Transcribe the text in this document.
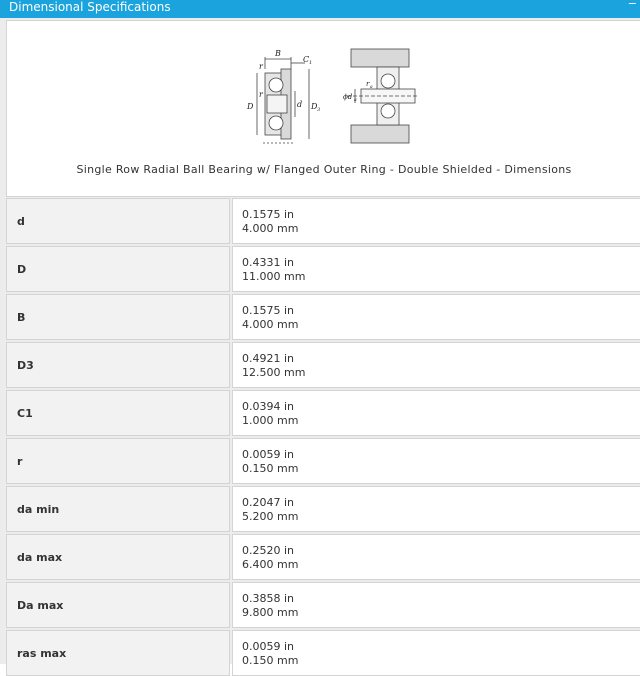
Dimensional Specifications	−
B
C 1
r
r
D	d D 3
r a
ϕd a
Single Row Radial Ball Bearing w/ Flanged Outer Ring - Double Shielded - Dimensions
d
0.1575 in
4.000 mm
D
0.4331 in
11.000 mm
B
0.1575 in
4.000 mm
D3
0.4921 in
12.500 mm
C1
0.0394 in
1.000 mm
r
0.0059 in
0.150 mm
da min
0.2047 in
5.200 mm
da max
0.2520 in
6.400 mm
Da max
0.3858 in
9.800 mm
ras max
0.0059 in
0.150 mm
